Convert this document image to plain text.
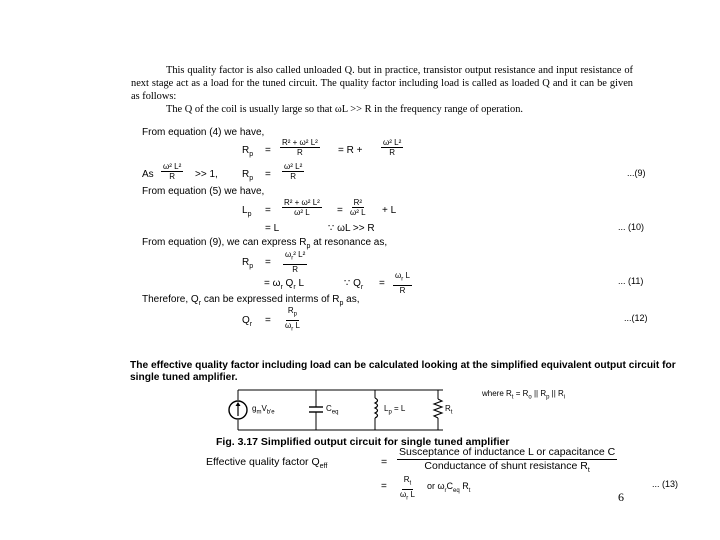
This quality factor is also called unloaded Q. but in practice, transistor output resistance and input resistance of next stage act as a load for the tuned circuit. The quality factor including load is called as loaded Q and it can be given as follows:
The Q of the coil is usually large so that ωL >> R in the frequency range of operation.
From equation (4) we have,
$R_p = \frac{\text{R² + ω² L²}}{R} = R + \frac{\text{ω² L²}}{R}$
As $\frac{\text{ω² L²}}{R} >> 1$, $R_p = \frac{\text{ω² L²}}{R}$	...(9)
From equation (5) we have,
$L_p = \frac{\text{R² + ω² L²}}{\text{ω² L}} = \frac{\text{R²}}{\text{ω² L}} + L$
= L	∵ ωL >> R	... (10)
From equation (9), we can express $R_p$ at resonance as,
$R_p = \frac{\omega_r^2 L^2}{R}$
= $\omega_r$ $Q_r$ L	∵ $Q_r = \frac{\omega_r L}{R}$	... (11)
Therefore, $Q_r$ can be expressed interms of $R_p$ as,
$Q_r = \frac{R_p}{\omega_r L}$	...(12)
The effective quality factor including load can be calculated looking at the simplified equivalent output circuit for single tuned amplifier.
$g_mV_{b'e}$	$C_{eq}$	$L_p = L$	$R_t$
where $R_t = R_o$ || $R_p$ || $R_i$
Fig. 3.17 Simplified output circuit for single tuned amplifier
Effective quality factor $Q_{eff}$	=
Susceptance of inductance L or capacitance C
Conductance of shunt resistance $R_t$
= $\frac{R_t}{\omega_r L}$ or $\omega_rC_{eq}$ $R_t$
... (13)
6
